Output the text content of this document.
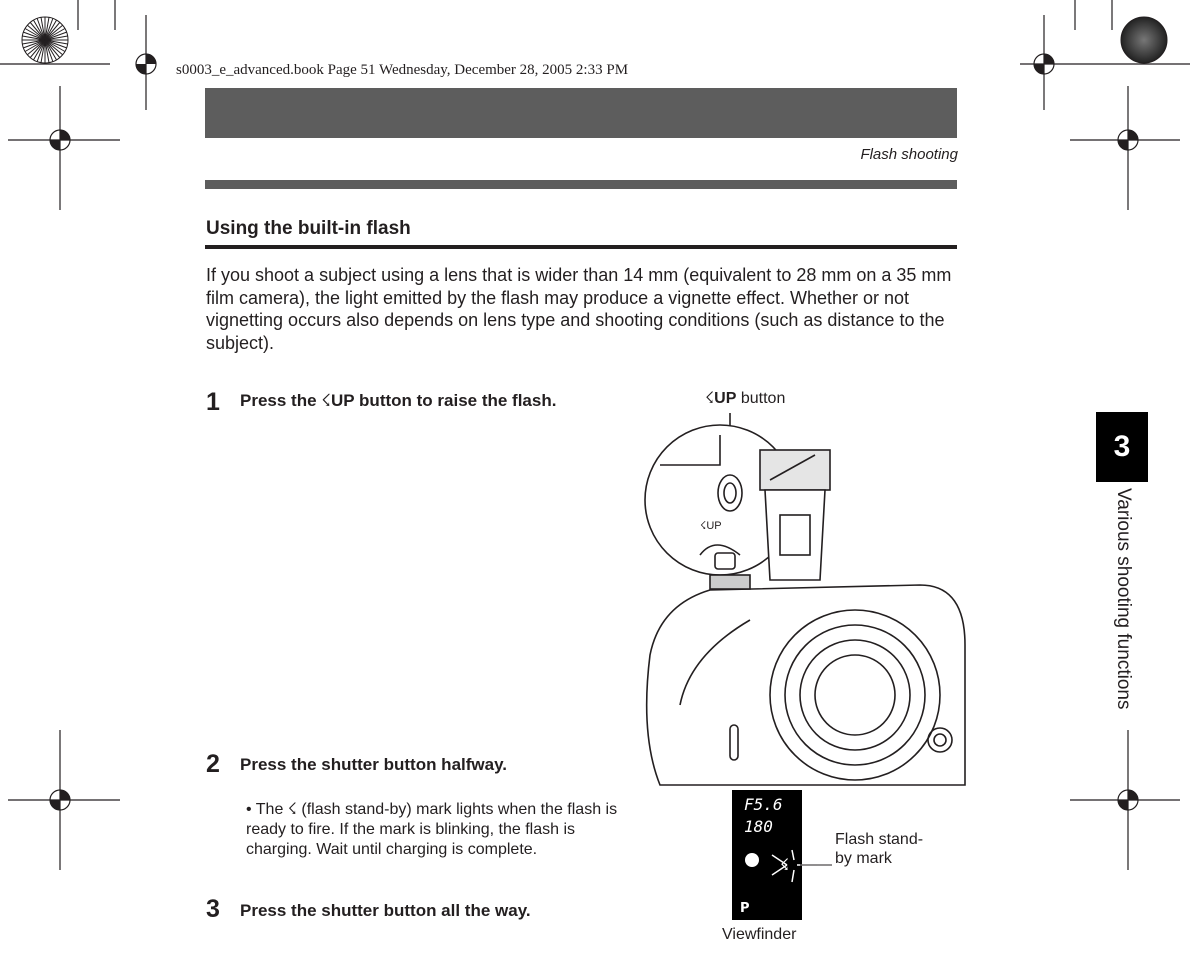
s0003_e_advanced.book Page 51 Wednesday, December 28, 2005 2:33 PM
Flash shooting
Using the built-in flash
If you shoot a subject using a lens that is wider than 14 mm (equivalent to 28 mm on a 35 mm film camera), the light emitted by the flash may produce a vignette effect. Whether or not vignetting occurs also depends on lens type and shooting conditions (such as distance to the subject).
1 Press the ☇UP button to raise the flash.
2 Press the shutter button halfway.
• The ☇ (flash stand-by) mark lights when the flash is ready to fire. If the mark is blinking, the flash is charging. Wait until charging is complete.
3 Press the shutter button all the way.
☇UP button
☇UP
F5.6
180
☇
P
Flash stand-by mark
Viewfinder
3
Various shooting functions
